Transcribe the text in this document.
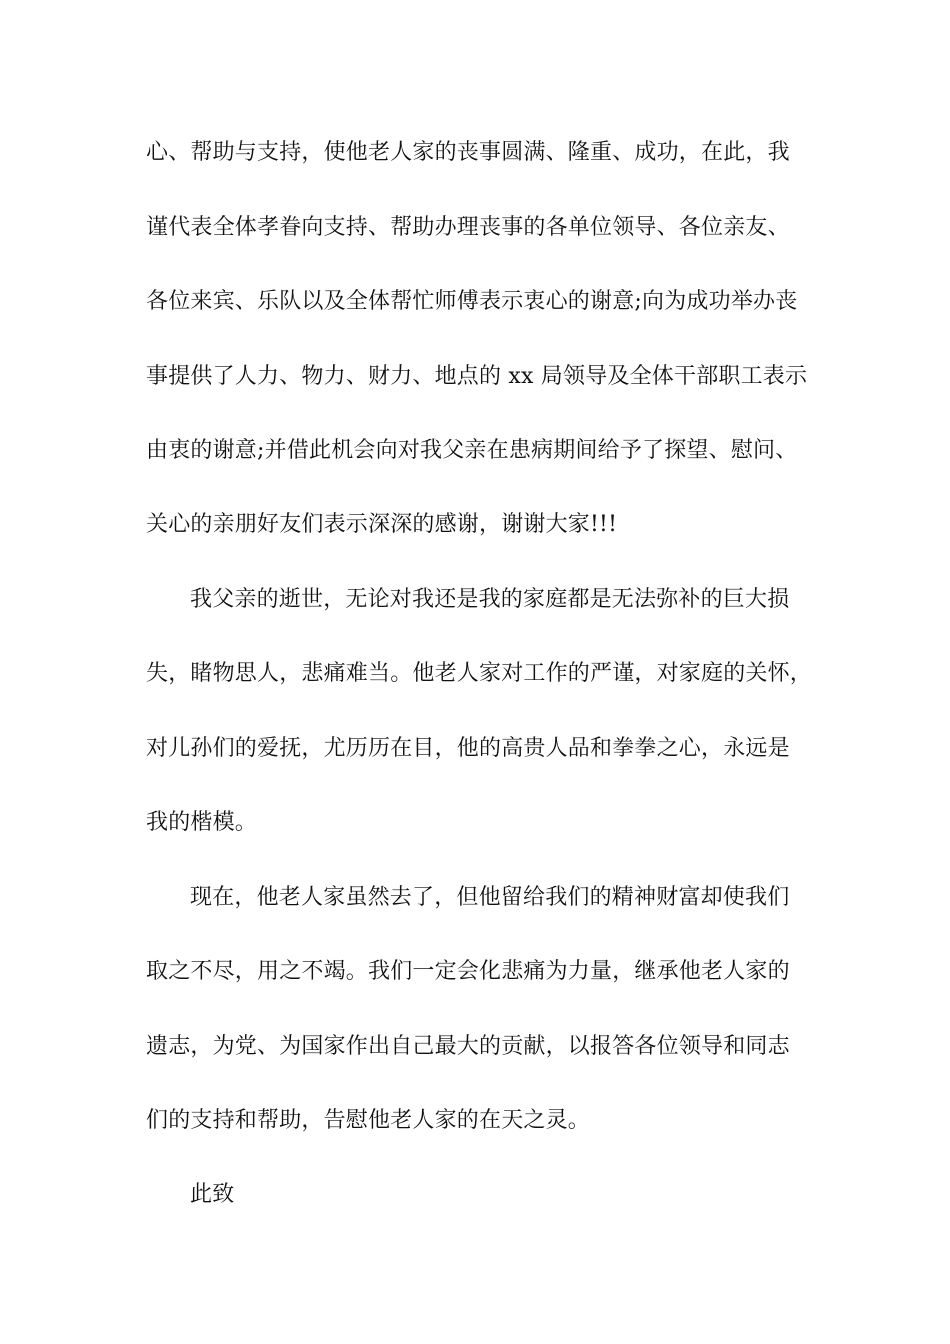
心、帮助与支持，使他老人家的丧事圆满、隆重、成功，在此，我
谨代表全体孝眷向支持、帮助办理丧事的各单位领导、各位亲友、
各位来宾、乐队以及全体帮忙师傅表示衷心的谢意;向为成功举办丧
事提供了人力、物力、财力、地点的 xx 局领导及全体干部职工表示
由衷的谢意;并借此机会向对我父亲在患病期间给予了探望、慰问、
关心的亲朋好友们表示深深的感谢，谢谢大家!!!
我父亲的逝世，无论对我还是我的家庭都是无法弥补的巨大损
失，睹物思人，悲痛难当。他老人家对工作的严谨，对家庭的关怀，
对儿孙们的爱抚，尤历历在目，他的高贵人品和拳拳之心，永远是
我的楷模。
现在，他老人家虽然去了，但他留给我们的精神财富却使我们
取之不尽，用之不竭。我们一定会化悲痛为力量，继承他老人家的
遗志，为党、为国家作出自己最大的贡献，以报答各位领导和同志
们的支持和帮助，告慰他老人家的在天之灵。
此致
